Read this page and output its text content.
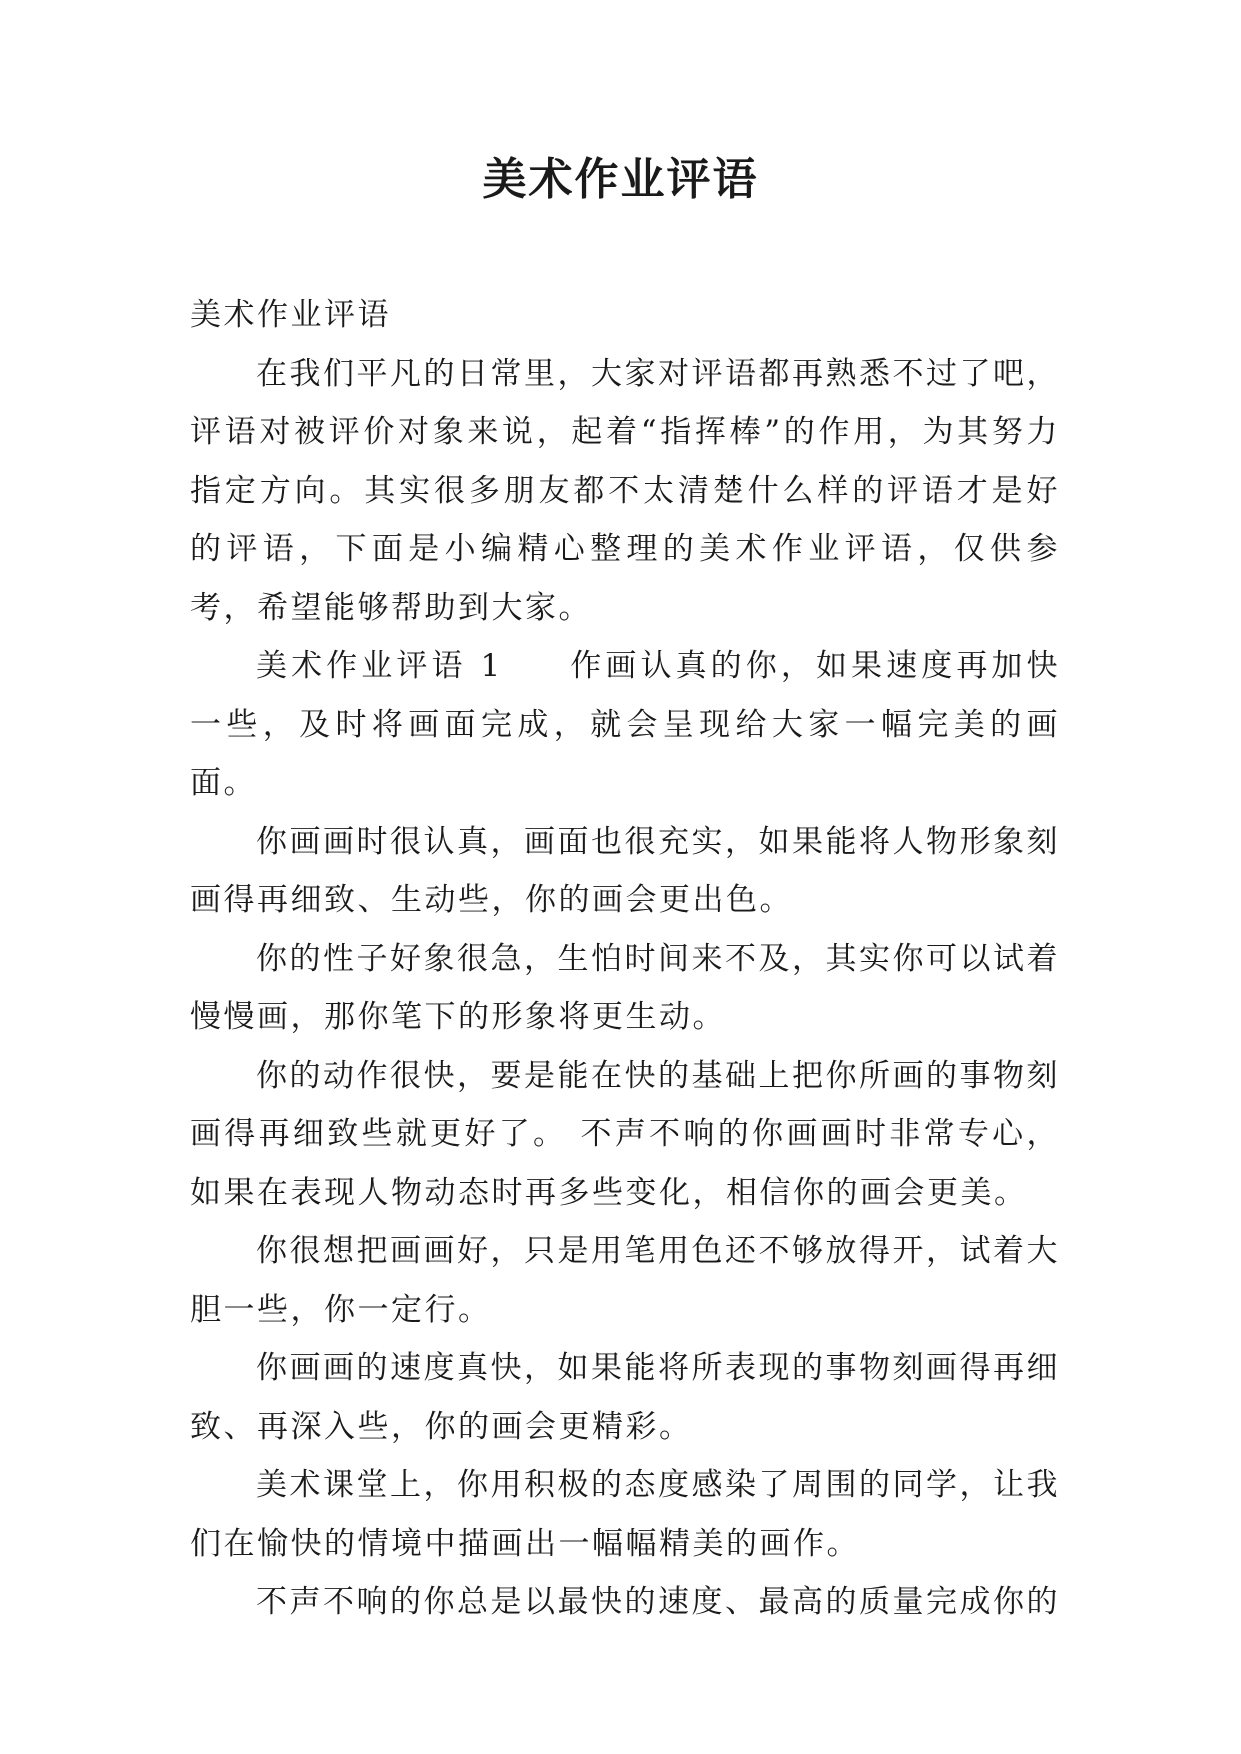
美术作业评语

美术作业评语

在我们平凡的日常里，大家对评语都再熟悉不过了吧，评语对被评价对象来说，起着“指挥棒”的作用，为其努力指定方向。其实很多朋友都不太清楚什么样的评语才是好的评语，下面是小编精心整理的美术作业评语，仅供参考，希望能够帮助到大家。

美术作业评语 1 作画认真的你，如果速度再加快一些，及时将画面完成，就会呈现给大家一幅完美的画面。

你画画时很认真，画面也很充实，如果能将人物形象刻画得再细致、生动些，你的画会更出色。

你的性子好象很急，生怕时间来不及，其实你可以试着慢慢画，那你笔下的形象将更生动。

你的动作很快，要是能在快的基础上把你所画的事物刻画得再细致些就更好了。 不声不响的你画画时非常专心，如果在表现人物动态时再多些变化，相信你的画会更美。

你很想把画画好，只是用笔用色还不够放得开，试着大胆一些，你一定行。

你画画的速度真快，如果能将所表现的事物刻画得再细致、再深入些，你的画会更精彩。

美术课堂上，你用积极的态度感染了周围的同学，让我们在愉快的情境中描画出一幅幅精美的画作。

不声不响的你总是以最快的速度、最高的质量完成你的
